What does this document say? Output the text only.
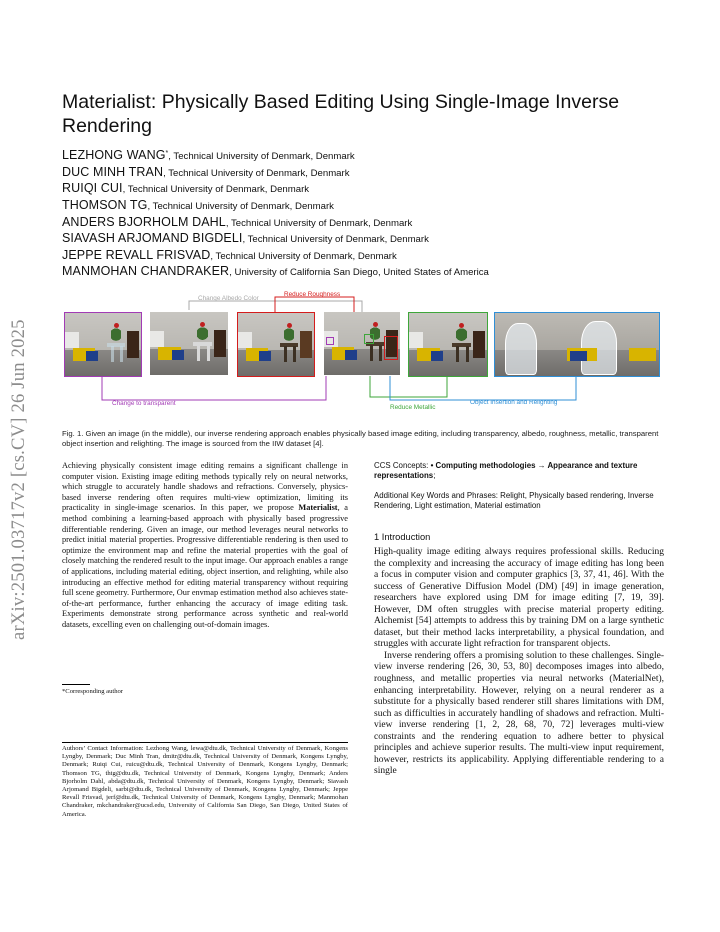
arXiv:2501.03717v2 [cs.CV] 26 Jun 2025
Materialist: Physically Based Editing Using Single-Image Inverse Rendering
LEZHONG WANG*, Technical University of Denmark, Denmark
DUC MINH TRAN, Technical University of Denmark, Denmark
RUIQI CUI, Technical University of Denmark, Denmark
THOMSON TG, Technical University of Denmark, Denmark
ANDERS BJORHOLM DAHL, Technical University of Denmark, Denmark
SIAVASH ARJOMAND BIGDELI, Technical University of Denmark, Denmark
JEPPE REVALL FRISVAD, Technical University of Denmark, Denmark
MANMOHAN CHANDRAKER, University of California San Diego, United States of America
Change Albedo Color
Reduce Roughness
Change to transparent
Reduce Metallic
Object Insertion and Relighting
Fig. 1. Given an image (in the middle), our inverse rendering approach enables physically based image editing, including transparency, albedo, roughness, metallic, transparent object insertion and relighting. The image is sourced from the IIW dataset [4].
Achieving physically consistent image editing remains a significant challenge in computer vision. Existing image editing methods typically rely on neural networks, which struggle to accurately handle shadows and refractions. Conversely, physics-based inverse rendering often requires multi-view optimization, limiting its practicality in single-image scenarios. In this paper, we propose Materialist, a method combining a learning-based approach with physically based progressive differentiable rendering. Given an image, our method leverages neural networks to predict initial material properties. Progressive differentiable rendering is then used to optimize the environment map and refine the material properties with the goal of closely matching the rendered result to the input image. Our approach enables a range of applications, including material editing, object insertion, and relighting, while also introducing an effective method for editing material transparency without requiring full scene geometry. Furthermore, Our envmap estimation method also achieves state-of-the-art performance, further enhancing the accuracy of image editing task. Experiments demonstrate strong performance across synthetic and real-world datasets, excelling even on challenging out-of-domain images.
*Corresponding author
Authors’ Contact Information: Lezhong Wang, lewa@dtu.dk, Technical University of Denmark, Kongens Lyngby, Denmark; Duc Minh Tran, dmitr@dtu.dk, Technical University of Denmark, Kongens Lyngby, Denmark; Ruiqi Cui, ruicu@dtu.dk, Technical University of Denmark, Kongens Lyngby, Denmark; Thomson TG, thtg@dtu.dk, Technical University of Denmark, Kongens Lyngby, Denmark; Anders Bjorholm Dahl, abda@dtu.dk, Technical University of Denmark, Kongens Lyngby, Denmark; Siavash Arjomand Bigdeli, sarbi@dtu.dk, Technical University of Denmark, Kongens Lyngby, Denmark; Jeppe Revall Frisvad, jerf@dtu.dk, Technical University of Denmark, Kongens Lyngby, Denmark; Manmohan Chandraker, mkchandraker@ucsd.edu, University of California San Diego, San Diego, United States of America.
CCS Concepts: • Computing methodologies → Appearance and texture representations;
Additional Key Words and Phrases: Relight, Physically based rendering, Inverse Rendering, Light estimation, Material estimation
1 Introduction

High-quality image editing always requires professional skills. Reducing the complexity and increasing the accuracy of image editing has long been a focus in computer vision and computer graphics [3, 37, 41, 46]. With the success of Generative Diffusion Model (DM) [49] in image generation, researchers have explored using DM for image editing [7, 19, 39]. However, DM often struggles with precise material property editing. Alchemist [54] attempts to address this by training DM on a large synthetic dataset, but their method lacks interpretability, a physical foundation, and struggles with accurate light refraction for transparent objects.

Inverse rendering offers a promising solution to these challenges. Single-view inverse rendering [26, 30, 53, 80] decomposes images into albedo, roughness, and metallic properties via neural networks (MaterialNet), enhancing interpretability. However, relying on a neural renderer as a substitute for a physically based renderer still shares limitations with DM, such as difficulties in accurately handling of shadows and refraction. Multi-view inverse rendering [1, 2, 28, 68, 70, 72] leverages multi-view constraints and the rendering equation to adhere better to physical principles and achieve superior results. The multi-view input requirement, however, restricts its applicability. Applying differentiable rendering to a single
